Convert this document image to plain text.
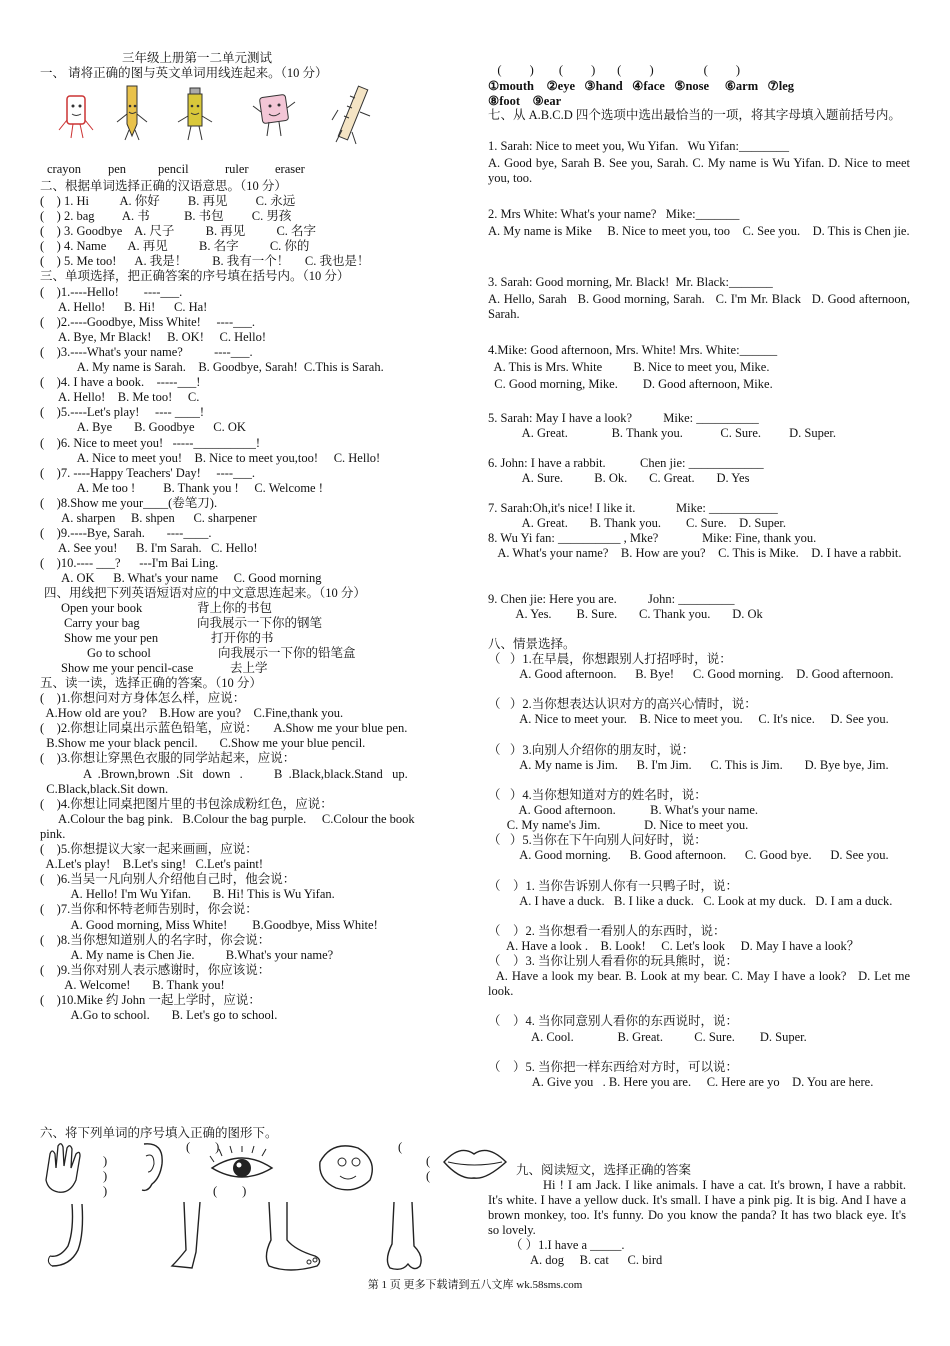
三年级上册第一二单元测试
一、 请将正确的图与英文单词用线连起来。（10 分）
crayon pen	pencil	ruler eraser
二、根据单词选择正确的汉语意思。（10 分）
(    ) 1. Hi          A. 你好         B. 再见         C. 永远
(    ) 2. bag         A. 书           B. 书包         C. 男孩
(    ) 3. Goodbye    A. 尺子          B. 再见          C. 名字
(    ) 4. Name       A. 再见          B. 名字          C. 你的
(    ) 5. Me too!      A. 我是！        B. 我有一个！     C. 我也是！
三、单项选择，把正确答案的序号填在括号内。（10 分）
(    )1.----Hello!        ----___.
A. Hello!      B. Hi!      C. Ha!
(    )2.----Goodbye, Miss White!     ----___.
A. Bye, Mr Black!     B. OK!     C. Hello!
(    )3.----What's your name?          ----___.
A. My name is Sarah.    B. Goodbye, Sarah!  C.This is Sarah.
(    )4. I have a book.    -----___!
A. Hello!    B. Me too!     C.
(    )5.----Let's play!     ---- ____!
A. Bye       B. Goodbye      C. OK
(    )6. Nice to meet you!   -----__________!
A. Nice to meet you!    B. Nice to meet you,too!     C. Hello!
(    )7. ----Happy Teachers' Day!     ----___.
A. Me too !         B. Thank you !     C. Welcome !
(    )8.Show me your____(卷笔刀).
A. sharpen     B. shpen      C. sharpener
(    )9.----Bye, Sarah.       ----____.
A. See you!      B. I'm Sarah.   C. Hello!
(    )10.---- ___?      ---I'm Bai Ling.
A. OK      B. What's your name     C. Good morning
四、用线把下列英语短语对应的中文意思连起来。（10 分）
Open your book
Carry your bag
Show me your pen
Go to school
Show me your pencil-case
背上你的书包
向我展示一下你的钢笔
打开你的书
向我展示一下你的铅笔盒
去上学
五、读一读，选择正确的答案。（10 分）
(    )1.你想问对方身体怎么样，应说：
A.How old are you?    B.How are you?    C.Fine,thank you.
(    )2.你想让同桌出示蓝色铅笔，应说：     A.Show me your blue pen.
B.Show me your black pencil.       C.Show me your blue pencil.
(    )3.你想让穿黑色衣服的同学站起来，应说：
A  .Brown,brown  .Sit   down   .          B  .Black,black.Stand   up.
C.Black,black.Sit down.
(    )4.你想让同桌把图片里的书包涂成粉红色，应说：
A.Colour the bag pink.   B.Colour the bag purple.     C.Colour the book
pink.
(    )5.你想提议大家一起来画画，应说：
A.Let's play!    B.Let's sing!   C.Let's paint!
(    )6.当吴一凡向别人介绍他自己时，他会说：
A. Hello! I'm Wu Yifan.       B. Hi! This is Wu Yifan.
(    )7.当你和怀特老师告别时，你会说：
A. Good morning, Miss White!        B.Goodbye, Miss White!
(    )8.当你想知道别人的名字时，你会说：
A. My name is Chen Jie.          B.What's your name?
(    )9.当你对别人表示感谢时，你应该说：
A. Welcome!       B. Thank you!
(    )10.Mike 约 John 一起上学时，应说：
A.Go to school.       B. Let's go to school.
六、将下列单词的序号填入正确的图形下。
)
)
)
(        )
(        )
(
(
(
(         )        (         )       (         )                (         )
①mouth ②eye ③hand ④face ⑤nose ⑥arm ⑦leg
⑧foot ⑨ear
七、从 A.B.C.D 四个选项中选出最恰当的一项，将其字母填入题前括号内。
1. Sarah: Nice to meet you, Wu Yifan.   Wu Yifan:________
A. Good bye, Sarah B. See you, Sarah. C. My name is Wu Yifan. D. Nice to meet you, too.
2. Mrs White: What's your name?   Mike:_______
A. My name is Mike     B. Nice to meet you, too    C. See you.    D. This is Chen jie.
3. Sarah: Good morning, Mr. Black!  Mr. Black:_______
A. Hello, Sarah   B. Good morning, Sarah.   C. I'm Mr. Black   D. Good afternoon, Sarah.
4.Mike: Good afternoon, Mrs. White! Mrs. White:______
A. This is Mrs. White          B. Nice to meet you, Mike.
C. Good morning, Mike.        D. Good afternoon, Mike.
5. Sarah: May I have a look?          Mike: __________
A. Great.              B. Thank you.            C. Sure.         D. Super.
6. John: I have a rabbit.           Chen jie: ____________
A. Sure.          B. Ok.       C. Great.       D. Yes
7. Sarah:Oh,it's nice! I like it.             Mike: ___________
A. Great.       B. Thank you.        C. Sure.    D. Super.
8. Wu Yi fan: __________ , Mke?              Mike: Fine, thank you.
A. What's your name?    B. How are you?    C. This is Mike.    D. I have a rabbit.
9. Chen jie: Here you are.          John: _________
A. Yes.        B. Sure.       C. Thank you.       D. Ok
八、情景选择。
（   ）1.在早晨，你想跟别人打招呼时，说：
A. Good afternoon.      B. Bye!      C. Good morning.    D. Good afternoon.
（   ）2.当你想表达认识对方的高兴心情时，说：
A. Nice to meet your.    B. Nice to meet you.     C. It's nice.     D. See you.
（   ）3.向别人介绍你的朋友时，说：
A. My name is Jim.      B. I'm Jim.      C. This is Jim.       D. Bye bye, Jim.
（   ）4.当你想知道对方的姓名时，说：
A. Good afternoon.           B. What's your name.
C. My name's Jim.              D. Nice to meet you.
（   ）5.当你在下午向别人问好时，说：
A. Good morning.      B. Good afternoon.      C. Good bye.      D. See you.
（    ）1. 当你告诉别人你有一只鸭子时，说：
A. I have a duck.   B. I like a duck.   C. Look at my duck.   D. I am a duck.
（    ）2. 当你想看一看别人的东西时，说：
A. Have a look .    B. Look!     C. Let's look     D. May I have a look？
（    ）3. 当你让别人看看你的玩具熊时，说：
A. Have a look my bear. B. Look at my bear. C. May I have a look?   D. Let me look.
（    ）4. 当你同意别人看你的东西说时，说：
A. Cool.              B. Great.          C. Sure.        D. Super.
（    ）5. 当你把一样东西给对方时，可以说：
A. Give you   . B. Here you are.     C. Here are yo    D. You are here.
九、阅读短文，选择正确的答案
Hi ! I am Jack. I like animals. I have a cat. It's brown, I have a rabbit. It's white. I have a yellow duck. It's small. I have a pink pig. It is big. And I have a brown monkey, too. It's funny. Do you know the panda? It has two black eye. It's so lovely.
（ ）1.I have a _____.
A. dog     B. cat      C. bird
第 1 页 更多下载请到五八文库 wk.58sms.com
